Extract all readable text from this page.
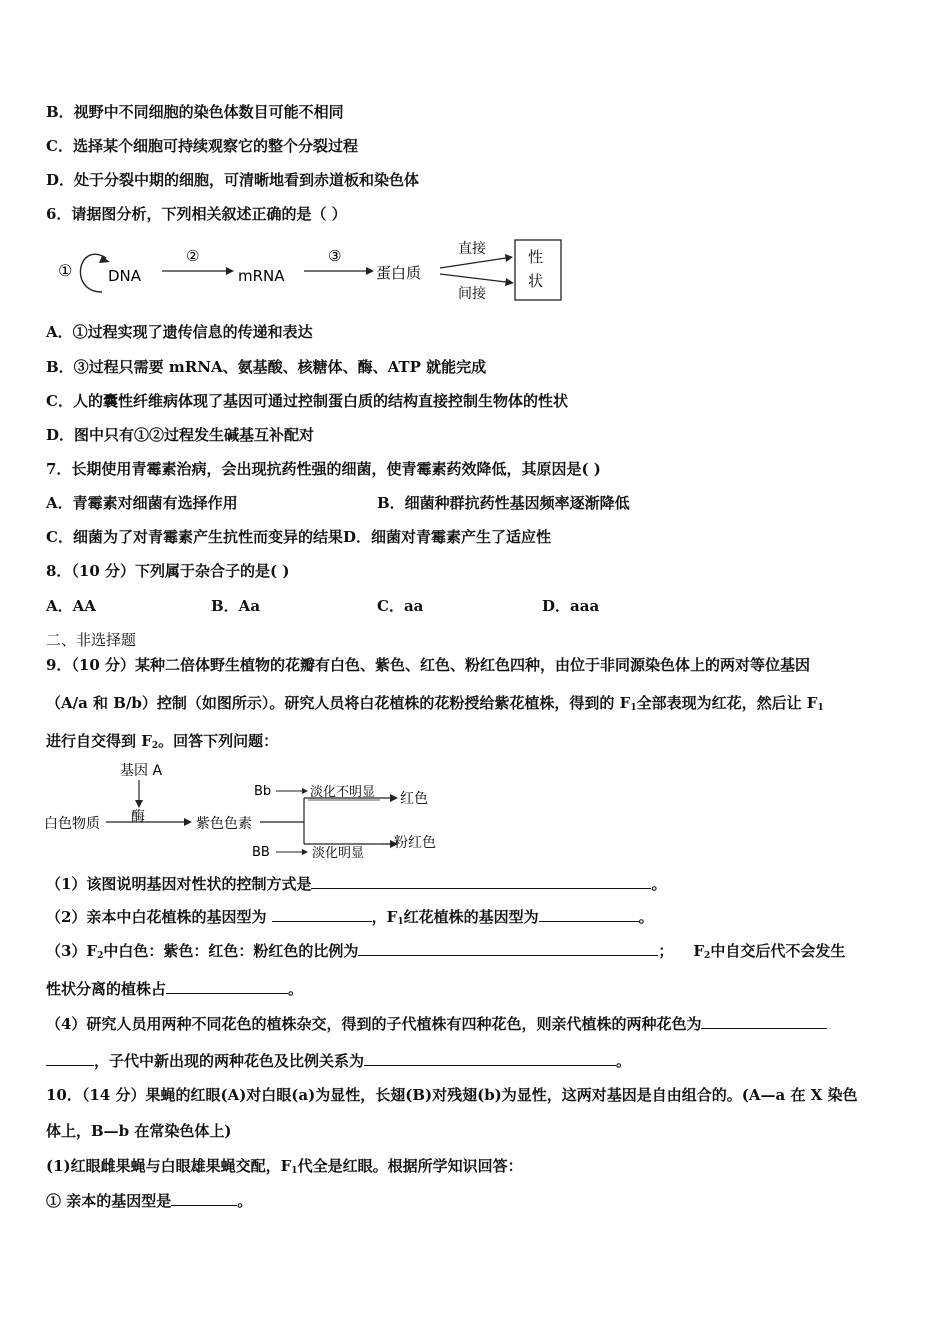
B．视野中不同细胞的染色体数目可能不相同
C．选择某个细胞可持续观察它的整个分裂过程
D．处于分裂中期的细胞，可清晰地看到赤道板和染色体
6．请据图分析，下列相关叙述正确的是（ ）
① DNA
②
mRNA
③
蛋白质
直接
间接
性
状
A．①过程实现了遗传信息的传递和表达
B．③过程只需要 mRNA、氨基酸、核糖体、酶、ATP 就能完成
C．人的囊性纤维病体现了基因可通过控制蛋白质的结构直接控制生物体的性状
D．图中只有①②过程发生碱基互补配对
7．长期使用青霉素治病，会出现抗药性强的细菌，使青霉素药效降低，其原因是( )
A．青霉素对细菌有选择作用	B．细菌种群抗药性基因频率逐渐降低
C．细菌为了对青霉素产生抗性而变异的结果D．细菌对青霉素产生了适应性
8．（10 分）下列属于杂合子的是( )
A．AA	B．Aa	C．aa	D．aaa
二、非选择题
9．（10 分）某种二倍体野生植物的花瓣有白色、紫色、红色、粉红色四种，由位于非同源染色体上的两对等位基因
（A/a 和 B/b）控制（如图所示）。研究人员将白花植株的花粉授给紫花植株，得到的 $F_1$全部表现为红花，然后让 $F_1$
进行自交得到 $F_2$。回答下列问题：
基因 A
酶
白色物质	紫色色素
Bb	淡化不明显 红色
BB	淡化明显
粉红色
（1）该图说明基因对性状的控制方式是	。
（2）亲本中白花植株的基因型为	，$F_1$红花植株的基因型为	。
$(3)F_2$中白色：紫色：红色：粉红色的比例为	； $F_2$中自交后代不会发生
性状分离的植株占	。
（4）研究人员用两种不同花色的植株杂交，得到的子代植株有四种花色，则亲代植株的两种花色为
，子代中新出现的两种花色及比例关系为	。
10．（14 分）果蝇的红眼(A)对白眼(a)为显性，长翅(B)对残翅(b)为显性，这两对基因是自由组合的。(A—a 在 X 染色
体上，B—b 在常染色体上)
(1)红眼雌果蝇与白眼雄果蝇交配，$F_1$代全是红眼。根据所学知识回答：
① 亲本的基因型是	。
